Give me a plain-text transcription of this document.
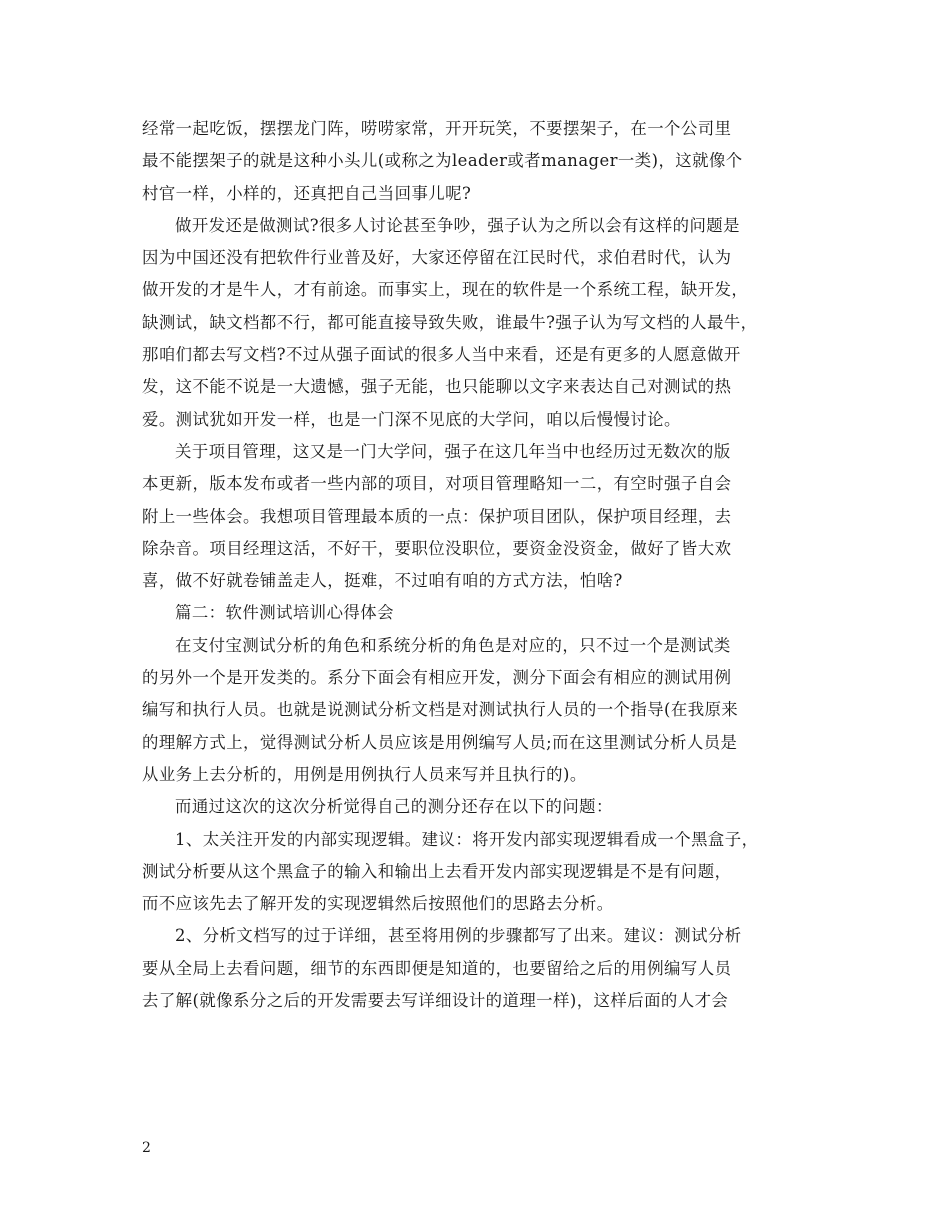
经常一起吃饭，摆摆龙门阵，唠唠家常，开开玩笑，不要摆架子，在一个公司里
最不能摆架子的就是这种小头儿(或称之为leader或者manager一类)，这就像个
村官一样，小样的，还真把自己当回事儿呢?
做开发还是做测试?很多人讨论甚至争吵，强子认为之所以会有这样的问题是
因为中国还没有把软件行业普及好，大家还停留在江民时代，求伯君时代，认为
做开发的才是牛人，才有前途。而事实上，现在的软件是一个系统工程，缺开发，
缺测试，缺文档都不行，都可能直接导致失败，谁最牛?强子认为写文档的人最牛，
那咱们都去写文档?不过从强子面试的很多人当中来看，还是有更多的人愿意做开
发，这不能不说是一大遗憾，强子无能，也只能聊以文字来表达自己对测试的热
爱。测试犹如开发一样，也是一门深不见底的大学问，咱以后慢慢讨论。
关于项目管理，这又是一门大学问，强子在这几年当中也经历过无数次的版
本更新，版本发布或者一些内部的项目，对项目管理略知一二，有空时强子自会
附上一些体会。我想项目管理最本质的一点：保护项目团队，保护项目经理，去
除杂音。项目经理这活，不好干，要职位没职位，要资金没资金，做好了皆大欢
喜，做不好就卷铺盖走人，挺难，不过咱有咱的方式方法，怕啥?
篇二：软件测试培训心得体会
在支付宝测试分析的角色和系统分析的角色是对应的，只不过一个是测试类
的另外一个是开发类的。系分下面会有相应开发，测分下面会有相应的测试用例
编写和执行人员。也就是说测试分析文档是对测试执行人员的一个指导(在我原来
的理解方式上，觉得测试分析人员应该是用例编写人员;而在这里测试分析人员是
从业务上去分析的，用例是用例执行人员来写并且执行的)。
而通过这次的这次分析觉得自己的测分还存在以下的问题：
1、太关注开发的内部实现逻辑。建议：将开发内部实现逻辑看成一个黑盒子，
测试分析要从这个黑盒子的输入和输出上去看开发内部实现逻辑是不是有问题，
而不应该先去了解开发的实现逻辑然后按照他们的思路去分析。
2、分析文档写的过于详细，甚至将用例的步骤都写了出来。建议：测试分析
要从全局上去看问题，细节的东西即便是知道的，也要留给之后的用例编写人员
去了解(就像系分之后的开发需要去写详细设计的道理一样)，这样后面的人才会
2
